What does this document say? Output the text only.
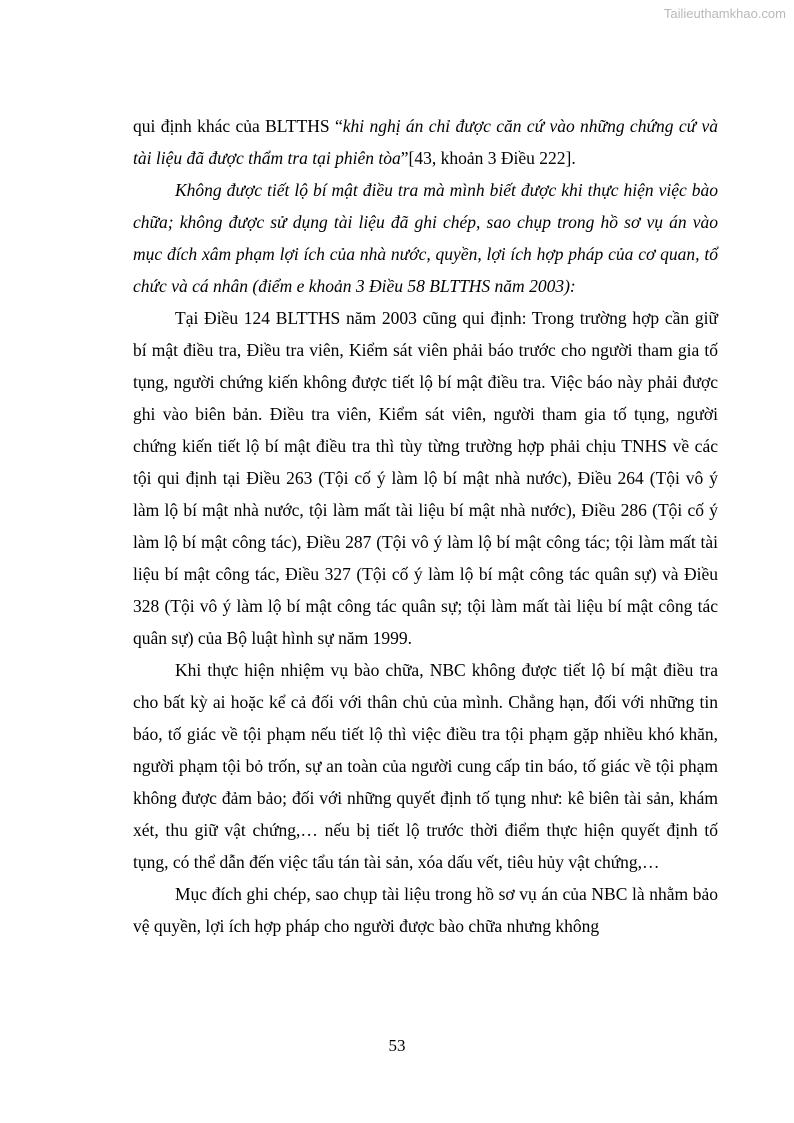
Tailieuthamkhao.com

qui định khác của BLTTHS “khi nghị án chỉ được căn cứ vào những chứng cứ và tài liệu đã được thẩm tra tại phiên tòa”[43, khoản 3 Điều 222].

Không được tiết lộ bí mật điều tra mà mình biết được khi thực hiện việc bào chữa; không được sử dụng tài liệu đã ghi chép, sao chụp trong hồ sơ vụ án vào mục đích xâm phạm lợi ích của nhà nước, quyền, lợi ích hợp pháp của cơ quan, tổ chức và cá nhân (điểm e khoản 3 Điều 58 BLTTHS năm 2003):

Tại Điều 124 BLTTHS năm 2003 cũng qui định: Trong trường hợp cần giữ bí mật điều tra, Điều tra viên, Kiểm sát viên phải báo trước cho người tham gia tố tụng, người chứng kiến không được tiết lộ bí mật điều tra. Việc báo này phải được ghi vào biên bản. Điều tra viên, Kiểm sát viên, người tham gia tố tụng, người chứng kiến tiết lộ bí mật điều tra thì tùy từng trường hợp phải chịu TNHS về các tội qui định tại Điều 263 (Tội cố ý làm lộ bí mật nhà nước), Điều 264 (Tội vô ý làm lộ bí mật nhà nước, tội làm mất tài liệu bí mật nhà nước), Điều 286 (Tội cố ý làm lộ bí mật công tác), Điều 287 (Tội vô ý làm lộ bí mật công tác; tội làm mất tài liệu bí mật công tác, Điều 327 (Tội cố ý làm lộ bí mật công tác quân sự) và Điều 328 (Tội vô ý làm lộ bí mật công tác quân sự; tội làm mất tài liệu bí mật công tác quân sự) của Bộ luật hình sự năm 1999.

Khi thực hiện nhiệm vụ bào chữa, NBC không được tiết lộ bí mật điều tra cho bất kỳ ai hoặc kể cả đối với thân chủ của mình. Chẳng hạn, đối với những tin báo, tố giác về tội phạm nếu tiết lộ thì việc điều tra tội phạm gặp nhiều khó khăn, người phạm tội bỏ trốn, sự an toàn của người cung cấp tin báo, tố giác về tội phạm không được đảm bảo; đối với những quyết định tố tụng như: kê biên tài sản, khám xét, thu giữ vật chứng,… nếu bị tiết lộ trước thời điểm thực hiện quyết định tố tụng, có thể dẫn đến việc tẩu tán tài sản, xóa dấu vết, tiêu hủy vật chứng,…

Mục đích ghi chép, sao chụp tài liệu trong hồ sơ vụ án của NBC là nhằm bảo vệ quyền, lợi ích hợp pháp cho người được bào chữa nhưng không

53
